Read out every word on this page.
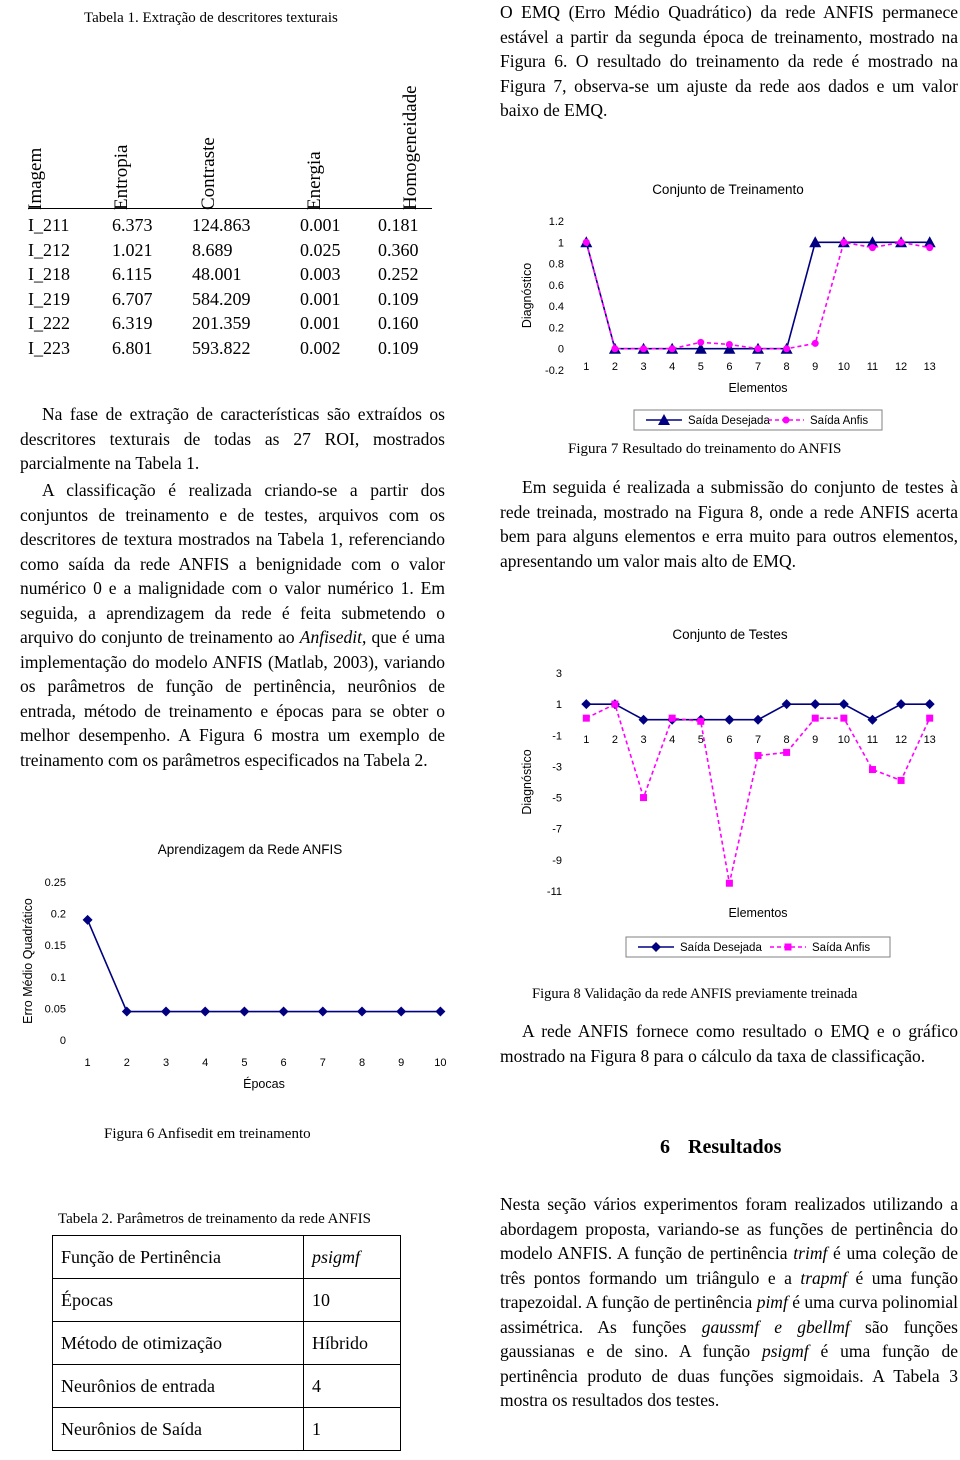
Tabela 1. Extração de descritores texturais
Imagem	Entropia	Contraste	Energia	Homogeneidade
I_211 6.373 124.863	0.001 0.181
I_212 1.021 8.689	0.025 0.360
I_218 6.115 48.001	0.003 0.252
I_219 6.707 584.209	0.001 0.109
I_222 6.319 201.359	0.001 0.160
I_223 6.801 593.822	0.002 0.109

Na fase de extração de características são extraídos os descritores texturais de todas as 27 ROI, mostrados parcialmente na Tabela 1.

A classificação é realizada criando-se a partir dos conjuntos de treinamento e de testes, arquivos com os descritores de textura mostrados na Tabela 1, referenciando como saída da rede ANFIS a benignidade com o valor numérico 0 e a malignidade com o valor numérico 1. Em seguida, a aprendizagem da rede é feita submetendo o arquivo do conjunto de treinamento ao Anfisedit, que é uma implementação do modelo ANFIS (Matlab, 2003), variando os parâmetros de função de pertinência, neurônios de entrada, método de treinamento e épocas para se obter o melhor desempenho. A Figura 6 mostra um exemplo de treinamento com os parâmetros especificados na Tabela 2.

Aprendizagem da Rede ANFIS
0
0.05
0.1
0.15
0.2
0.25
1	2	3	4	5	6	7	8	9	10
Épocas
Erro Médio Quadrático
Figura 6 Anfisedit em treinamento
Tabela 2. Parâmetros de treinamento da rede ANFIS
Função de Pertinência	psigmf
Épocas	10
Método de otimização	Híbrido
Neurônios de entrada	4
Neurônios de Saída	1

O EMQ (Erro Médio Quadrático) da rede ANFIS permanece estável a partir da segunda época de treinamento, mostrado na Figura 6. O resultado do treinamento da rede é mostrado na Figura 7, observa-se um ajuste da rede aos dados e um valor baixo de EMQ.

Conjunto de Treinamento
-0.2
0
0.2
0.4
0.6
0.8
1
1.2
1 2 3 4 5 6 7 8 9 10 11 12 13
Elementos
Diagnóstico
Saída Desejada	Saída Anfis
Figura 7 Resultado do treinamento do ANFIS

Em seguida é realizada a submissão do conjunto de testes à rede treinada, mostrado na Figura 8, onde a rede ANFIS acerta bem para alguns elementos e erra muito para outros elementos, apresentando um valor mais alto de EMQ.

Conjunto de Testes
-11
-9
-7
-5
-3
-1
1
3
1 2 3 4 5 6 7 8 9 10 11 12 13
Elementos
Diagnóstico
Saída Desejada	Saída Anfis
Figura 8 Validação da rede ANFIS previamente treinada

A rede ANFIS fornece como resultado o EMQ e o gráfico mostrado na Figura 8 para o cálculo da taxa de classificação.

6 Resultados

Nesta seção vários experimentos foram realizados utilizando a abordagem proposta, variando-se as funções de pertinência do modelo ANFIS. A função de pertinência trimf é uma coleção de três pontos formando um triângulo e a trapmf é uma função trapezoidal. A função de pertinência pimf é uma curva polinomial assimétrica. As funções gaussmf e gbellmf são funções gaussianas e de sino. A função psigmf é uma função de pertinência produto de duas funções sigmoidais. A Tabela 3 mostra os resultados dos testes.
